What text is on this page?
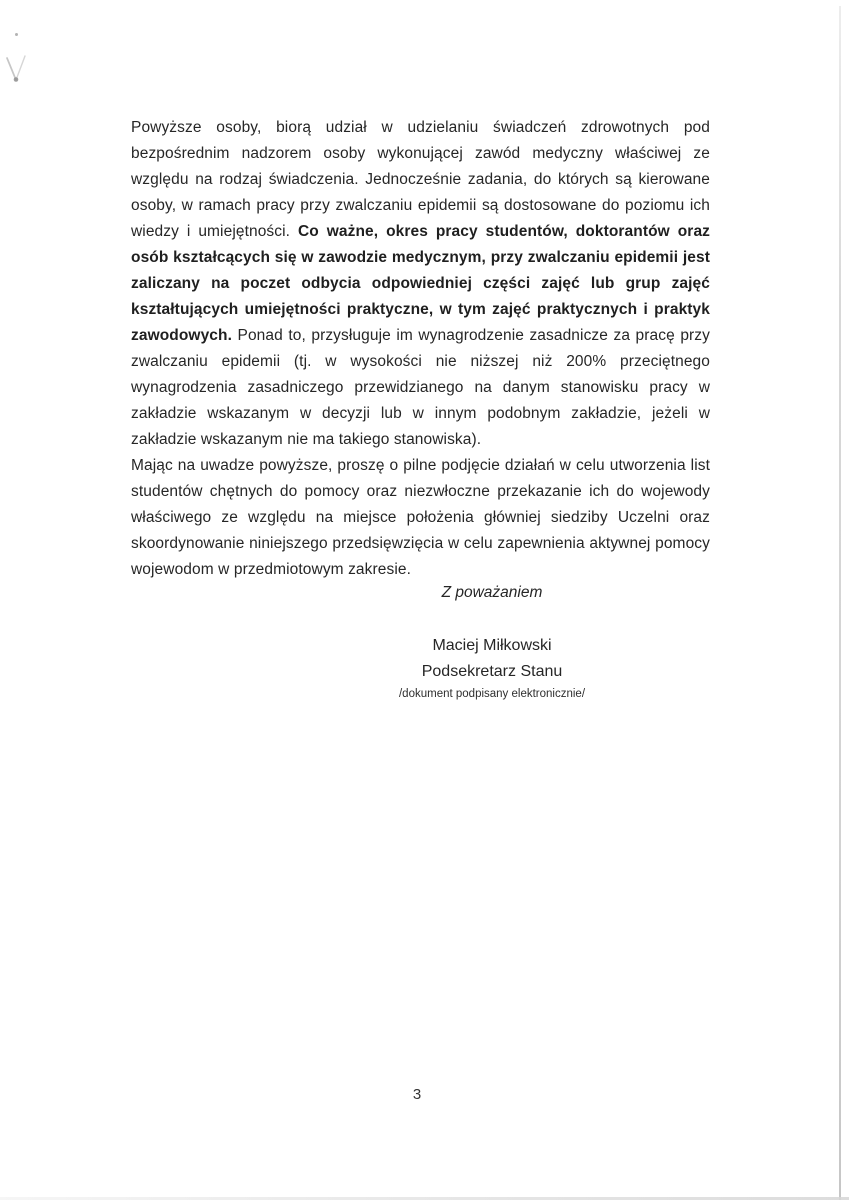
Powyższe osoby, biorą udział w udzielaniu świadczeń zdrowotnych pod bezpośrednim nadzorem osoby wykonującej zawód medyczny właściwej ze względu na rodzaj świadczenia. Jednocześnie zadania, do których są kierowane osoby, w ramach pracy przy zwalczaniu epidemii są dostosowane do poziomu ich wiedzy i umiejętności. Co ważne, okres pracy studentów, doktorantów oraz osób kształcących się w zawodzie medycznym, przy zwalczaniu epidemii jest zaliczany na poczet odbycia odpowiedniej części zajęć lub grup zajęć kształtujących umiejętności praktyczne, w tym zajęć praktycznych i praktyk zawodowych. Ponad to, przysługuje im wynagrodzenie zasadnicze za pracę przy zwalczaniu epidemii (tj. w wysokości nie niższej niż 200% przeciętnego wynagrodzenia zasadniczego przewidzianego na danym stanowisku pracy w zakładzie wskazanym w decyzji lub w innym podobnym zakładzie, jeżeli w zakładzie wskazanym nie ma takiego stanowiska).

Mając na uwadze powyższe, proszę o pilne podjęcie działań w celu utworzenia list studentów chętnych do pomocy oraz niezwłoczne przekazanie ich do wojewody właściwego ze względu na miejsce położenia główniej siedziby Uczelni oraz skoordynowanie niniejszego przedsięwzięcia w celu zapewnienia aktywnej pomocy wojewodom w przedmiotowym zakresie.

Z poważaniem
Maciej Miłkowski
Podsekretarz Stanu
/dokument podpisany elektronicznie/
3
